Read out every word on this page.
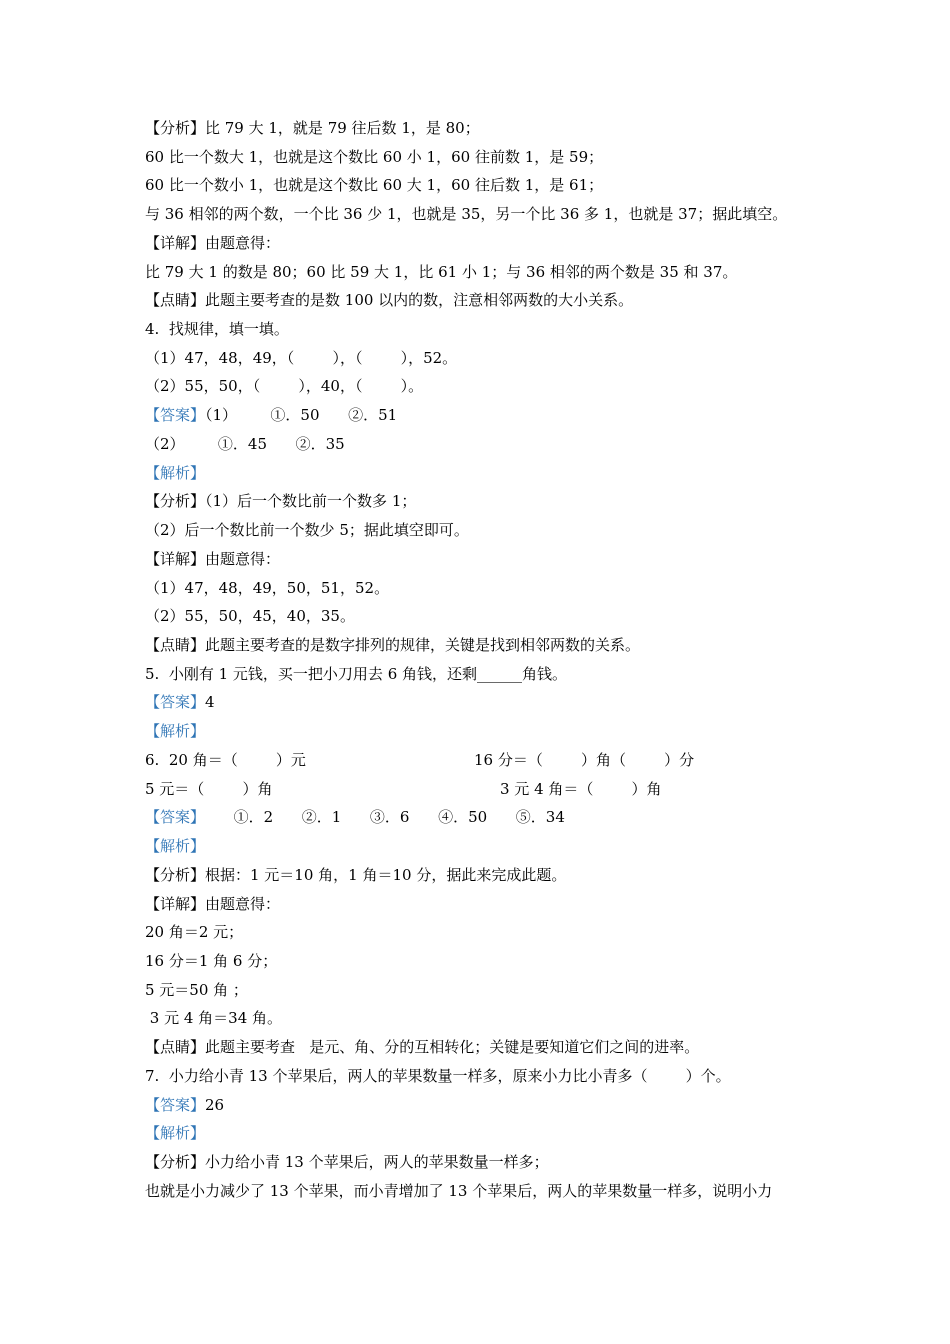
【分析】比 79 大 1，就是 79 往后数 1，是 80；
60 比一个数大 1，也就是这个数比 60 小 1，60 往前数 1，是 59；
60 比一个数小 1，也就是这个数比 60 大 1，60 往后数 1，是 61；
与 36 相邻的两个数，一个比 36 少 1，也就是 35，另一个比 36 多 1，也就是 37；据此填空。
【详解】由题意得：
比 79 大 1 的数是 80；60 比 59 大 1，比 61 小 1；与 36 相邻的两个数是 35 和 37。
【点睛】此题主要考查的是数 100 以内的数，注意相邻两数的大小关系。
4.  找规律，填一填。
（1）47，48，49，（        ），（        ），52。
（2）55，50，（        ），40，（        ）。
【答案】（1）       ①．50      ②．51
（2）       ①．45      ②．35
【解析】
【分析】（1）后一个数比前一个数多 1；
（2）后一个数比前一个数少 5；据此填空即可。
【详解】由题意得：
（1）47，48，49，50，51，52。
（2）55，50，45，40，35。
【点睛】此题主要考查的是数字排列的规律，关键是找到相邻两数的关系。
5.  小刚有 1 元钱，买一把小刀用去 6 角钱，还剩______角钱。
【答案】4
【解析】
6.  20 角＝（        ）元	16 分＝（        ）角（        ）分
5 元＝（        ）角	3 元 4 角＝（        ）角
【答案】      ①．2      ②．1      ③．6      ④．50      ⑤．34
【解析】
【分析】根据：1 元＝10 角，1 角＝10 分，据此来完成此题。
【详解】由题意得：
20 角＝2 元；
16 分＝1 角 6 分；
5 元＝50 角 ；
3 元 4 角＝34 角。
【点睛】此题主要考查   是元、角、分的互相转化；关键是要知道它们之间的进率。
7.  小力给小青 13 个苹果后，两人的苹果数量一样多，原来小力比小青多（        ）个。
【答案】26
【解析】
【分析】小力给小青 13 个苹果后，两人的苹果数量一样多；
也就是小力减少了 13 个苹果，而小青增加了 13 个苹果后，两人的苹果数量一样多，说明小力
